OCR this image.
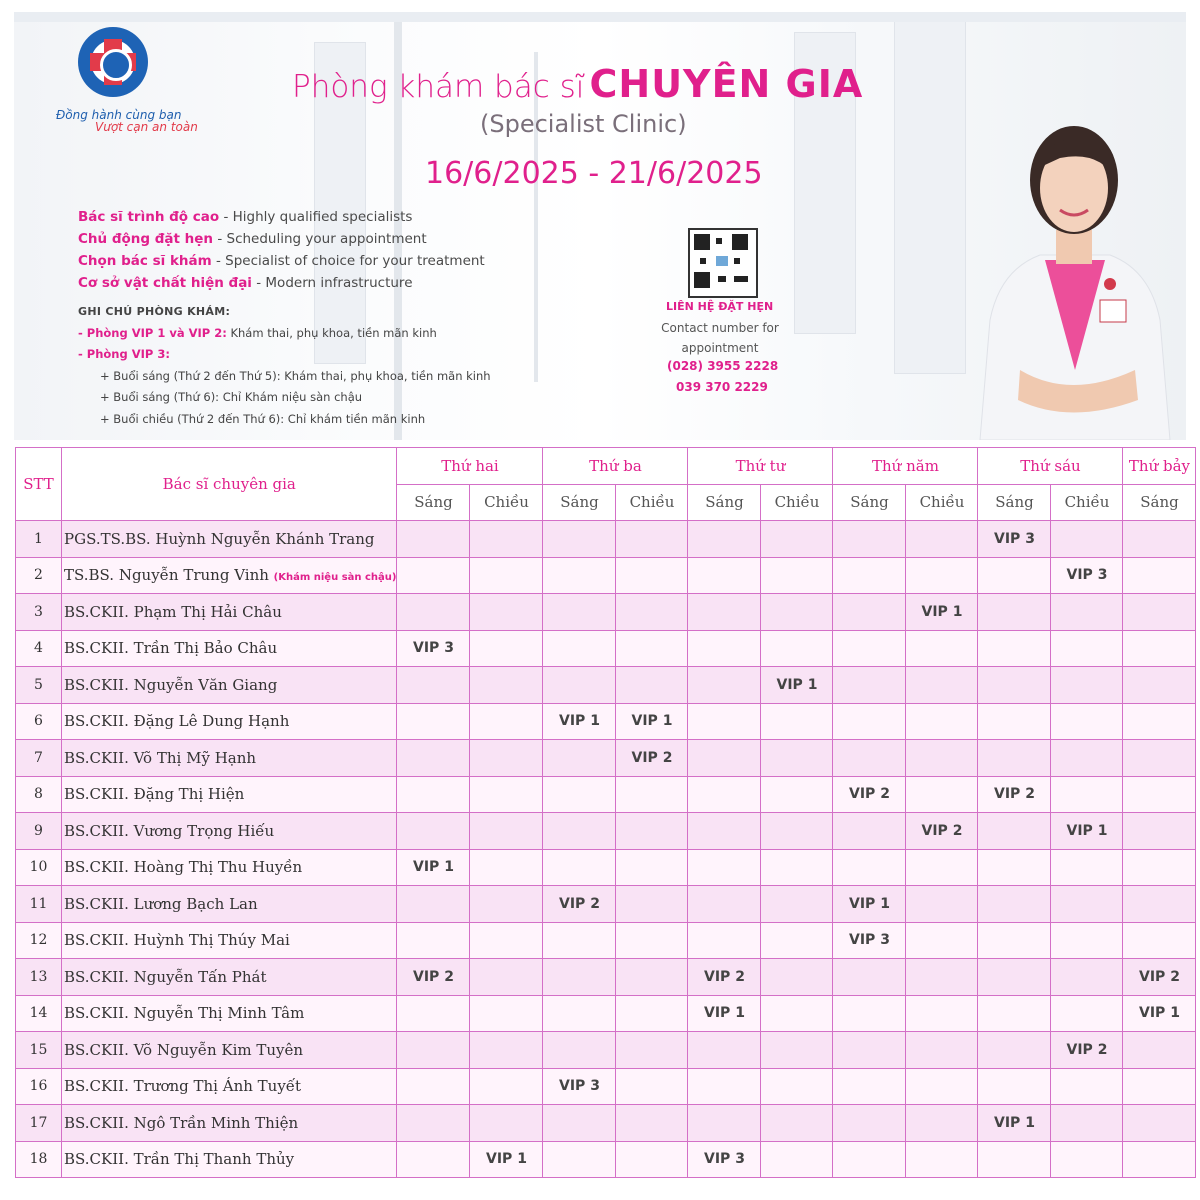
Đồng hành cùng bạn
Vượt cạn an toàn
Phòng khám bác sĩ CHUYÊN GIA
(Specialist Clinic)
16/6/2025 - 21/6/2025
Bác sĩ trình độ cao - Highly qualified specialists
Chủ động đặt hẹn - Scheduling your appointment
Chọn bác sĩ khám - Specialist of choice for your treatment
Cơ sở vật chất hiện đại - Modern infrastructure
GHI CHÚ PHÒNG KHÁM:
- Phòng VIP 1 và VIP 2: Khám thai, phụ khoa, tiền mãn kinh
- Phòng VIP 3:
+ Buổi sáng (Thứ 2 đến Thứ 5): Khám thai, phụ khoa, tiền mãn kinh
+ Buổi sáng (Thứ 6): Chỉ Khám niệu sàn chậu
+ Buổi chiều (Thứ 2 đến Thứ 6): Chỉ khám tiền mãn kinh
LIÊN HỆ ĐẶT HẸN
Contact number for appointment
(028) 3955 2228
039 370 2229
STT	Bác sĩ chuyên gia	Thứ hai		Thứ ba		Thứ tư		Thứ năm		Thứ sáu		Thứ bảy
		Sáng	Chiều	Sáng	Chiều	Sáng	Chiều	Sáng	Chiều	Sáng	Chiều	Sáng
1	PGS.TS.BS. Huỳnh Nguyễn Khánh Trang									VIP 3		
2	TS.BS. Nguyễn Trung Vinh (Khám niệu sàn chậu)										VIP 3	
3	BS.CKII. Phạm Thị Hải Châu								VIP 1			
4	BS.CKII. Trần Thị Bảo Châu	VIP 3										
5	BS.CKII. Nguyễn Văn Giang						VIP 1					
6	BS.CKII. Đặng Lê Dung Hạnh			VIP 1	VIP 1							
7	BS.CKII. Võ Thị Mỹ Hạnh				VIP 2							
8	BS.CKII. Đặng Thị Hiện							VIP 2		VIP 2		
9	BS.CKII. Vương Trọng Hiếu								VIP 2		VIP 1	
10	BS.CKII. Hoàng Thị Thu Huyền	VIP 1										
11	BS.CKII. Lương Bạch Lan			VIP 2				VIP 1				
12	BS.CKII. Huỳnh Thị Thúy Mai							VIP 3				
13	BS.CKII. Nguyễn Tấn Phát	VIP 2				VIP 2						VIP 2
14	BS.CKII. Nguyễn Thị Minh Tâm					VIP 1						VIP 1
15	BS.CKII. Võ Nguyễn Kim Tuyên										VIP 2	
16	BS.CKII. Trương Thị Ánh Tuyết			VIP 3								
17	BS.CKII. Ngô Trần Minh Thiện									VIP 1		
18	BS.CKII. Trần Thị Thanh Thủy		VIP 1			VIP 3						
